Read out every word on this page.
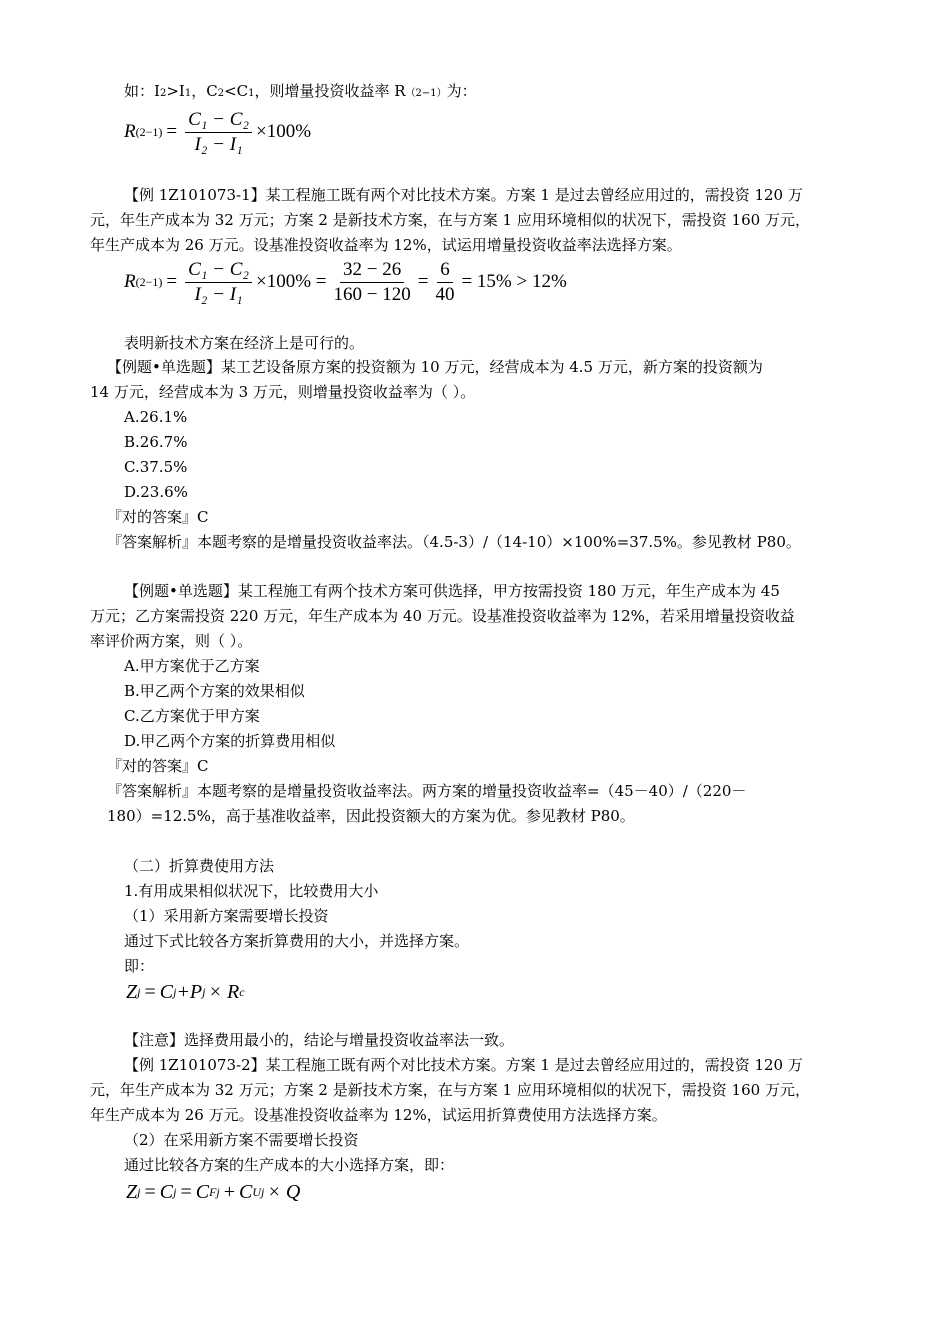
如：I2>I1，C2<C1，则增量投资收益率 R（2−1）为：
R $(2-1) = \frac{\text{C₁ − C₂}}{\text{I₂ − I₁}} \times 100\%$
【例 1Z101073-1】某工程施工既有两个对比技术方案。方案 1 是过去曾经应用过的，需投资 120 万
元，年生产成本为 32 万元；方案 2 是新技术方案，在与方案 1 应用环境相似的状况下，需投资 160 万元，
年生产成本为 26 万元。设基准投资收益率为 12%，试运用增量投资收益率法选择方案。
R $(2-1) = \frac{\text{C₁ − C₂}}{\text{I₂ − I₁}} \times 100\% = \frac{32 - 26}{160 - 120} = \frac{6}{40} = 15\% > 12\%$
表明新技术方案在经济上是可行的。
【例题•单选题】某工艺设备原方案的投资额为 10 万元，经营成本为 4.5 万元，新方案的投资额为
14 万元，经营成本为 3 万元，则增量投资收益率为（ ）。
A.26.1%
B.26.7%
C.37.5%
D.23.6%
『对的答案』C
『答案解析』本题考察的是增量投资收益率法。（4.5-3）/（14-10）×100%=37.5%。参见教材 P80。
【例题•单选题】某工程施工有两个技术方案可供选择，甲方按需投资 180 万元，年生产成本为 45
万元；乙方案需投资 220 万元，年生产成本为 40 万元。设基准投资收益率为 12%，若采用增量投资收益
率评价两方案，则（ ）。
A.甲方案优于乙方案
B.甲乙两个方案的效果相似
C.乙方案优于甲方案
D.甲乙两个方案的折算费用相似
『对的答案』C
『答案解析』本题考察的是增量投资收益率法。两方案的增量投资收益率=（45－40）/（220－
180）=12.5%，高于基准收益率，因此投资额大的方案为优。参见教材 P80。
（二）折算费使用方法
1.有用成果相似状况下，比较费用大小
（1）采用新方案需要增长投资
通过下式比较各方案折算费用的大小，并选择方案。
即：
Z j = C j +P j × R c
【注意】选择费用最小的，结论与增量投资收益率法一致。
【例 1Z101073-2】某工程施工既有两个对比技术方案。方案 1 是过去曾经应用过的，需投资 120 万
元，年生产成本为 32 万元；方案 2 是新技术方案，在与方案 1 应用环境相似的状况下，需投资 160 万元，
年生产成本为 26 万元。设基准投资收益率为 12%，试运用折算费使用方法选择方案。
（2）在采用新方案不需要增长投资
通过比较各方案的生产成本的大小选择方案，即：
Z j = C j = C Fj + C Uj × Q
